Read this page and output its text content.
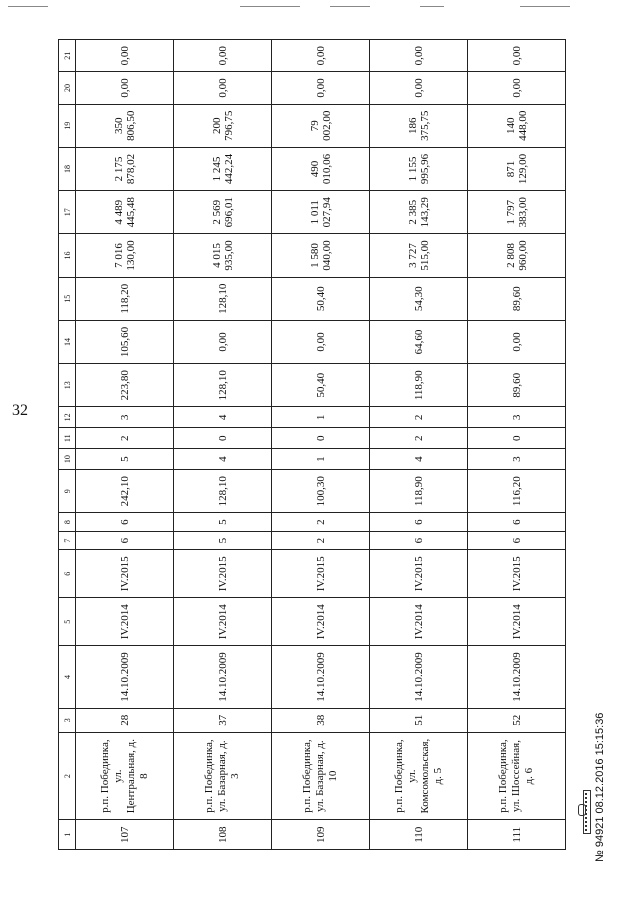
32
1	2	3	4	5	6	7	8	9	10	11	12	13	14	15	16	17	18	19	20	21
107	р.п. Побединка, ул. Центральная, д. 8	28	14.10.2009	IV.2014	IV.2015	6	6	242,10	5	2	3	223,80	105,60	118,20	7 016 130,00	4 489 445,48	2 175 878,02	350 806,50	0,00	0,00
108	р.п. Побединка, ул. Базарная, д. 3	37	14.10.2009	IV.2014	IV.2015	5	5	128,10	4	0	4	128,10	0,00	128,10	4 015 935,00	2 569 696,01	1 245 442,24	200 796,75	0,00	0,00
109	р.п. Побединка, ул. Базарная, д. 10	38	14.10.2009	IV.2014	IV.2015	2	2	100,30	1	0	1	50,40	0,00	50,40	1 580 040,00	1 011 027,94	490 010,06	79 002,00	0,00	0,00
110	р.п. Побединка, ул. Комсомольская, д. 5	51	14.10.2009	IV.2014	IV.2015	6	6	118,90	4	2	2	118,90	64,60	54,30	3 727 515,00	2 385 143,29	1 155 995,96	186 375,75	0,00	0,00
111	р.п. Побединка, ул. Шоссейная, д. 6	52	14.10.2009	IV.2014	IV.2015	6	6	116,20	3	0	3	89,60	0,00	89,60	2 808 960,00	1 797 383,00	871 129,00	140 448,00	0,00	0,00
№ 94921 08.12.2016 15:15:36
